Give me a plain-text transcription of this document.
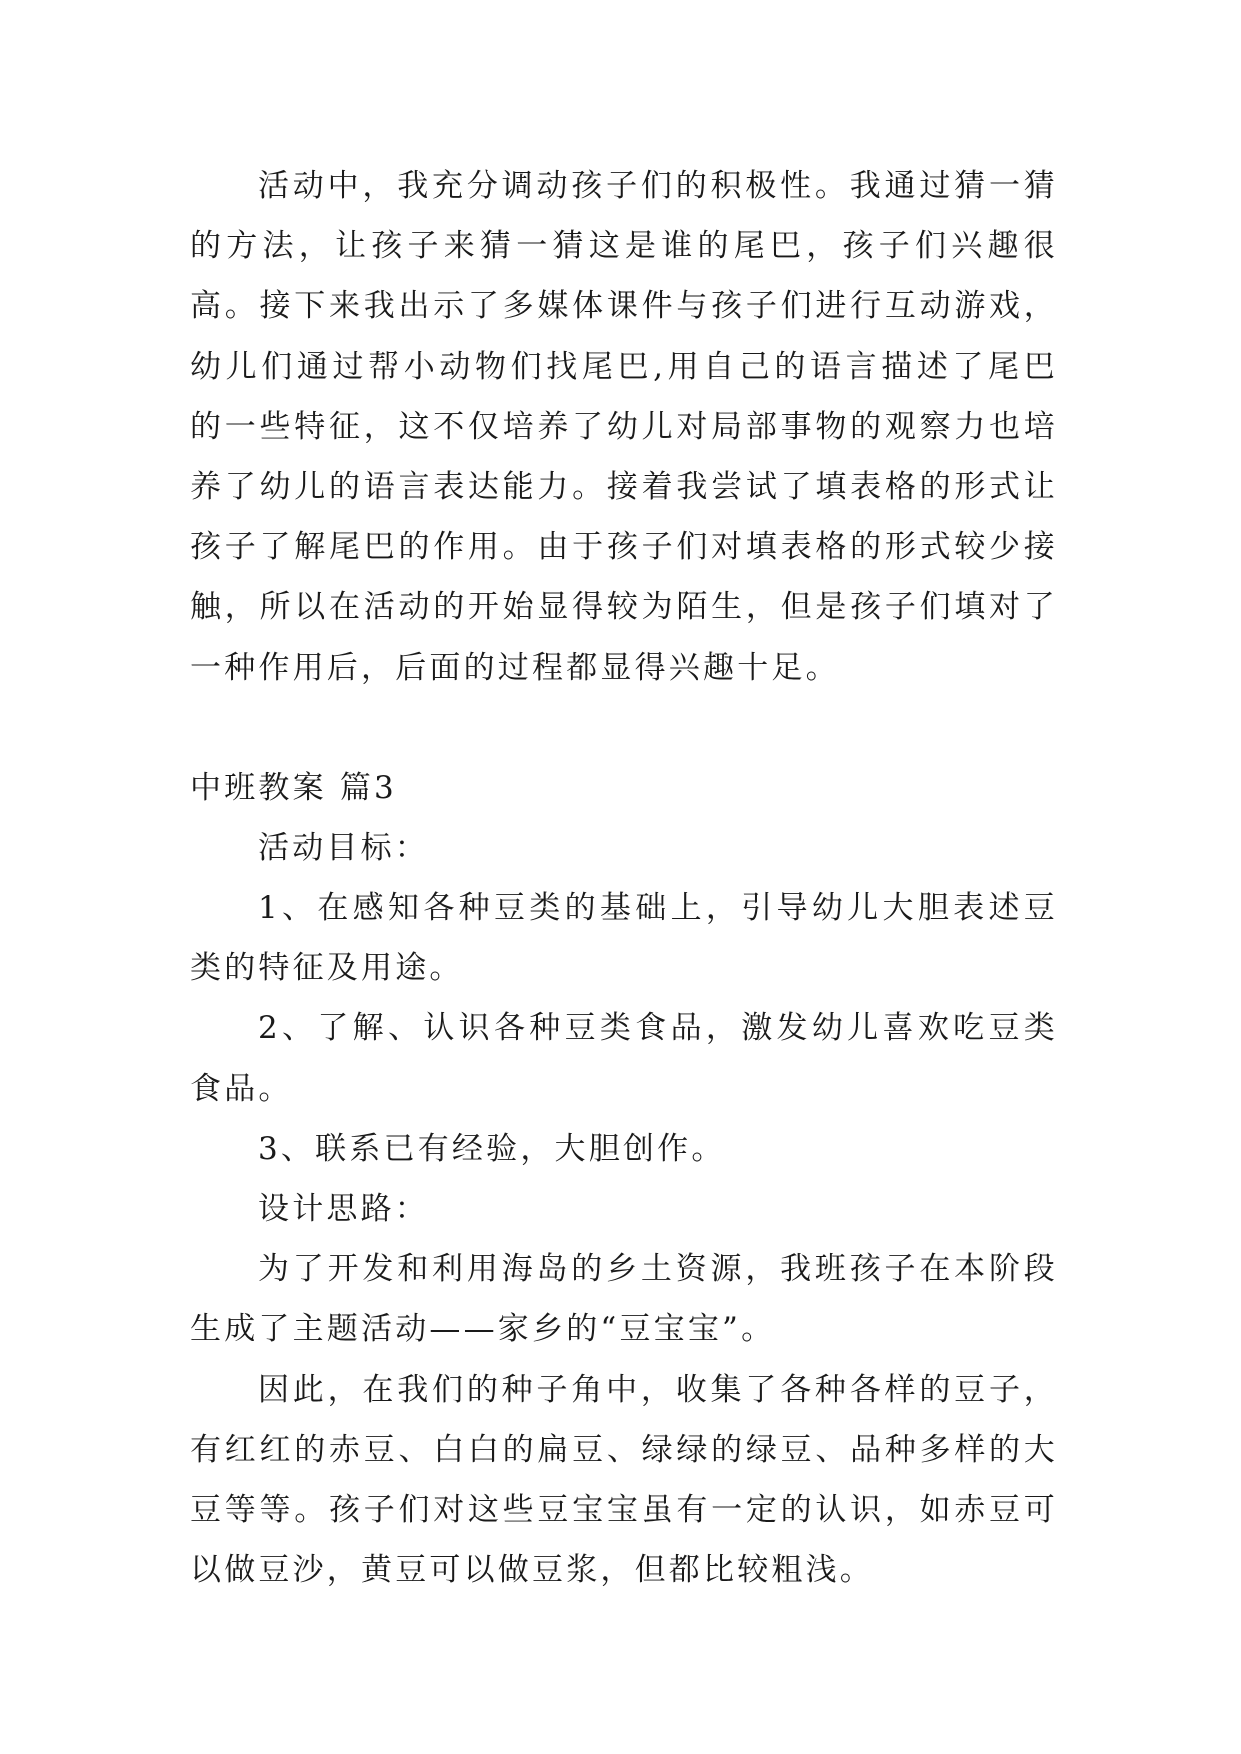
活动中，我充分调动孩子们的积极性。我通过猜一猜的方法，让孩子来猜一猜这是谁的尾巴，孩子们兴趣很高。接下来我出示了多媒体课件与孩子们进行互动游戏，幼儿们通过帮小动物们找尾巴,用自己的语言描述了尾巴的一些特征，这不仅培养了幼儿对局部事物的观察力也培养了幼儿的语言表达能力。接着我尝试了填表格的形式让孩子了解尾巴的作用。由于孩子们对填表格的形式较少接触，所以在活动的开始显得较为陌生，但是孩子们填对了一种作用后，后面的过程都显得兴趣十足。

中班教案 篇3

活动目标：

1、在感知各种豆类的基础上，引导幼儿大胆表述豆类的特征及用途。

2、了解、认识各种豆类食品，激发幼儿喜欢吃豆类食品。

3、联系已有经验，大胆创作。

设计思路：

为了开发和利用海岛的乡土资源，我班孩子在本阶段生成了主题活动——家乡的“豆宝宝”。

因此，在我们的种子角中，收集了各种各样的豆子，有红红的赤豆、白白的扁豆、绿绿的绿豆、品种多样的大豆等等。孩子们对这些豆宝宝虽有一定的认识，如赤豆可以做豆沙，黄豆可以做豆浆，但都比较粗浅。
